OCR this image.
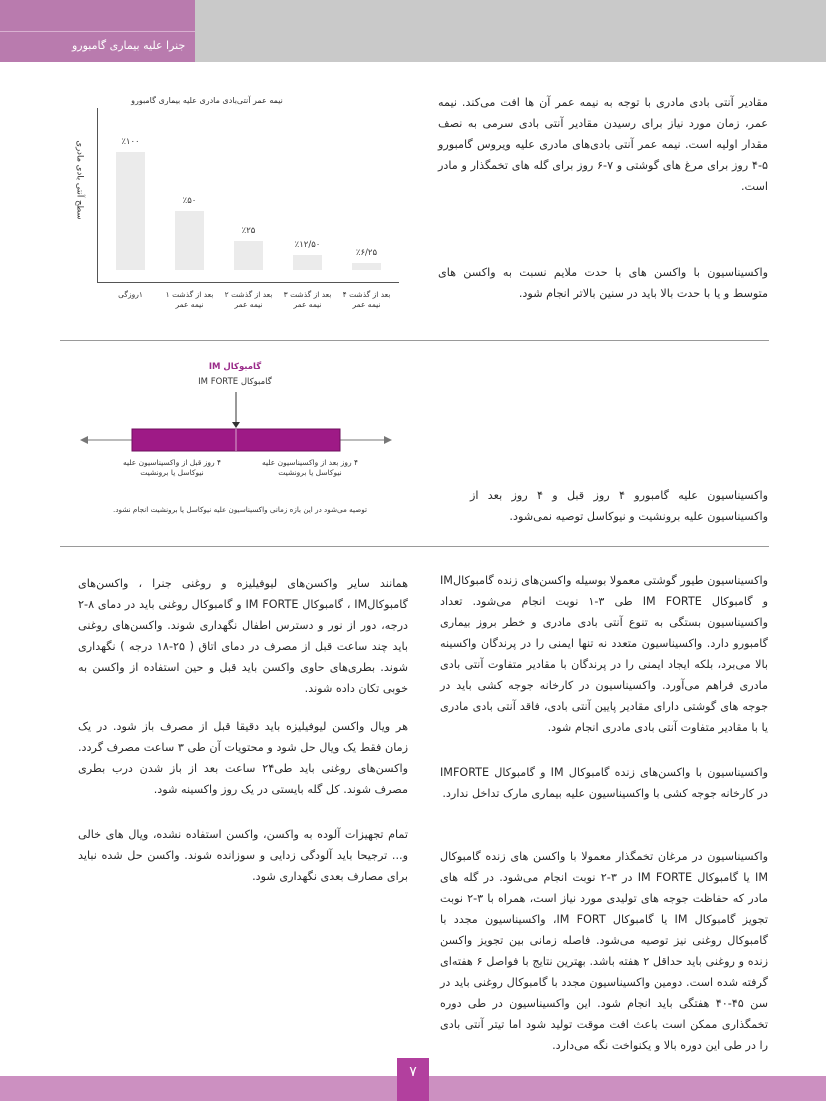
جنرا علیه بیماری گامبورو

مقادیر آنتی بادی مادری با توجه به نیمه عمر آن ها افت می‌کند. نیمه عمر، زمان مورد نیاز برای رسیدن مقادیر آنتی بادی سرمی به نصف مقدار اولیه است. نیمه عمر آنتی بادی‌های مادری علیه ویروس گامبورو ۵-۴ روز برای مرغ های گوشتی و ۷-۶ روز برای گله های تخمگذار و مادر است.

واکسیناسیون با واکسن های با حدت ملایم نسبت به واکسن های متوسط و یا با حدت بالا باید در سنین بالاتر انجام شود.

نیمه عمر آنتی‌بادی مادری علیه بیماری گامبورو
سطح آنتی بادی مادری	٪۱۰۰
۱روزگی
٪۵۰
بعد از گذشت ۱ نیمه عمر
٪۲۵
بعد از گذشت ۲ نیمه عمر
٪۱۲/۵۰
بعد از گذشت ۳ نیمه عمر
٪۶/۲۵
بعد از گذشت ۴ نیمه عمر
گامبوکال IM
گامبوکال IM FORTE
۴ روز قبل از واکسیناسیون علیه نیوکاسل یا برونشیت
۴ روز بعد از واکسیناسیون علیه نیوکاسل یا برونشیت
توصیه می‌شود در این بازه زمانی واکسیناسیون علیه نیوکاسل یا برونشیت انجام نشود.

واکسیناسیون علیه گامبورو ۴ روز قبل و ۴ روز بعد از واکسیناسیون علیه برونشیت و نیوکاسل توصیه نمی‌شود.

واکسیناسیون طیور گوشتی معمولا بوسیله واکسن‌های زنده گامبوکالIM و گامبوکال IM FORTE طی ۳-۱ نوبت انجام می‌شود. تعداد واکسیناسیون بستگی به تنوع آنتی بادی مادری و خطر بروز بیماری گامبورو دارد. واکسیناسیون متعدد نه تنها ایمنی را در پرندگان واکسینه بالا می‌برد، بلکه ایجاد ایمنی را در پرندگان با مقادیر متفاوت آنتی بادی مادری فراهم می‌آورد. واکسیناسیون در کارخانه جوجه کشی باید در جوجه های گوشتی دارای مقادیر پایین آنتی بادی، فاقد آنتی بادی مادری یا با مقادیر متفاوت آنتی بادی مادری انجام شود.

واکسیناسیون با واکسن‌های زنده گامبوکال IM و گامبوکال IMFORTE در کارخانه جوجه کشی با واکسیناسیون علیه بیماری مارک تداخل ندارد.

واکسیناسیون در مرغان تخمگذار معمولا با واکسن های زنده گامبوکال IM یا گامبوکال IM FORTE در ۳-۲ نوبت انجام می‌شود. در گله های مادر که حفاظت جوجه های تولیدی مورد نیاز است، همراه با ۳-۲ نوبت تجویز گامبوکال IM یا گامبوکال IM FORT، واکسیناسیون مجدد با گامبوکال روغنی نیز توصیه می‌شود. فاصله زمانی بین تجویز واکسن زنده و روغنی باید حداقل ۲ هفته باشد. بهترین نتایج با فواصل ۶ هفته‌ای گرفته شده است. دومین واکسیناسیون مجدد با گامبوکال روغنی باید در سن ۴۵-۴۰ هفتگی باید انجام شود. این واکسیناسیون در طی دوره تخمگذاری ممکن است باعث افت موقت تولید شود اما تیتر آنتی بادی را در طی این دوره بالا و یکنواخت نگه می‌دارد.

همانند سایر واکسن‌های لیوفیلیزه و روغنی جنرا ، واکسن‌های گامبوکالIM ، گامبوکال IM FORTE و گامبوکال روغنی باید در دمای ۸-۲ درجه، دور از نور و دسترس اطفال نگهداری شوند. واکسن‌های روغنی باید چند ساعت قبل از مصرف در دمای اتاق ( ۲۵-۱۸ درجه ) نگهداری شوند. بطری‌های حاوی واکسن باید قبل و حین استفاده از واکسن به خوبی تکان داده شوند.

هر ویال واکسن لیوفیلیزه باید دقیقا قبل از مصرف باز شود. در یک زمان فقط یک ویال حل شود و محتویات آن طی ۳ ساعت مصرف گردد. واکسن‌های روغنی باید طی۲۴ ساعت بعد از باز شدن درب بطری مصرف شوند. کل گله بایستی در یک روز واکسینه شود.

تمام تجهیزات آلوده به واکسن، واکسن استفاده نشده، ویال های خالی و... ترجیحا باید آلودگی زدایی و سوزانده شوند. واکسن حل شده نباید برای مصارف بعدی نگهداری شود.

۷
